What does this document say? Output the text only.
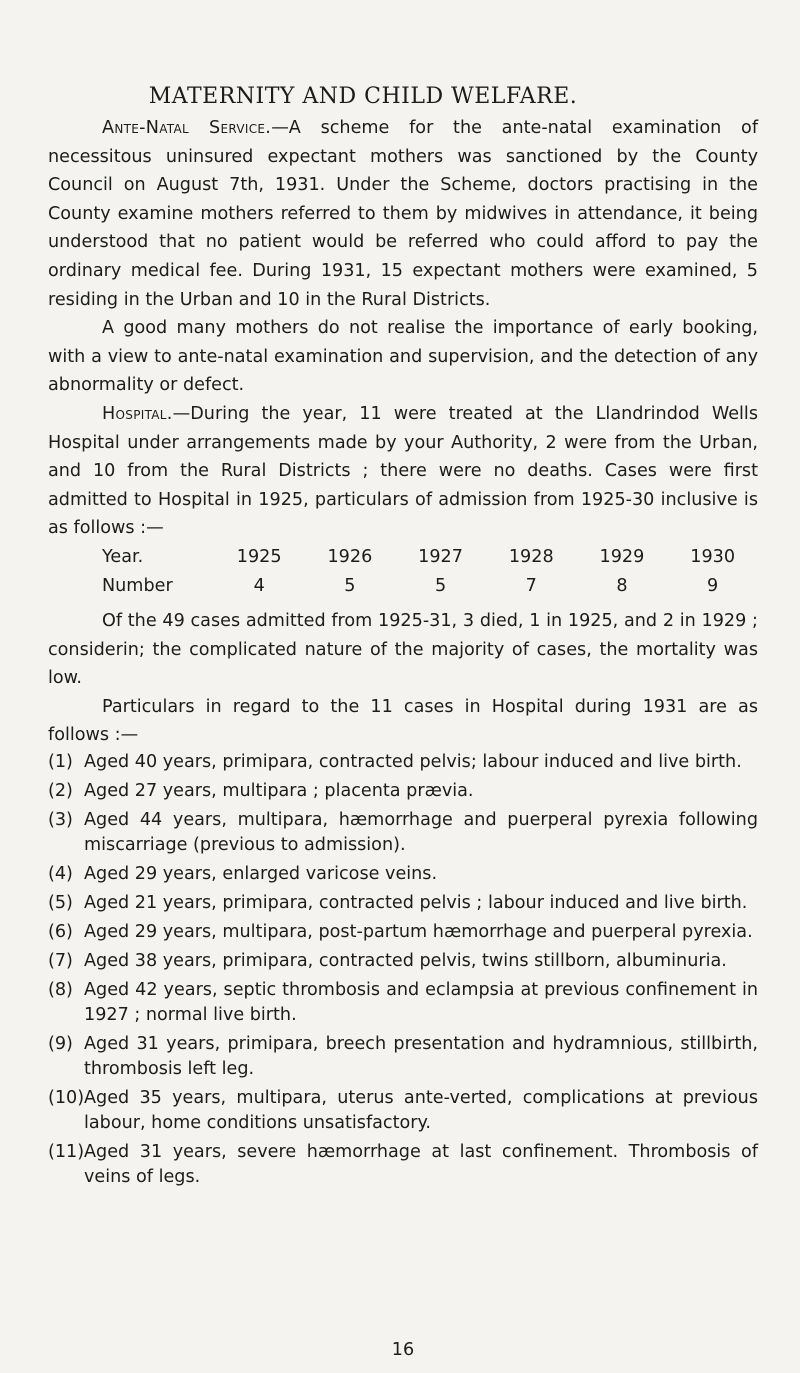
MATERNITY AND CHILD WELFARE.

Ante-Natal Service.—A scheme for the ante-natal examination of necessitous uninsured expectant mothers was sanctioned by the County Council on August 7th, 1931. Under the Scheme, doctors practising in the County examine mothers referred to them by midwives in attendance, it being understood that no patient would be referred who could afford to pay the ordinary medical fee. During 1931, 15 expectant mothers were examined, 5 residing in the Urban and 10 in the Rural Districts.

A good many mothers do not realise the importance of early booking, with a view to ante-natal examination and supervision, and the detection of any abnormality or defect.

Hospital.—During the year, 11 were treated at the Llandrindod Wells Hospital under arrangements made by your Authority, 2 were from the Urban, and 10 from the Rural Districts ; there were no deaths. Cases were first admitted to Hospital in 1925, particulars of admission from 1925-30 inclusive is as follows :—

Year.	1925	1926	1927	1928	1929	1930
Number	4	5	5	7	8	9

Of the 49 cases admitted from 1925-31, 3 died, 1 in 1925, and 2 in 1929 ; considerin; the complicated nature of the majority of cases, the mortality was low.

Particulars in regard to the 11 cases in Hospital during 1931 are as follows :—

(1) Aged 40 years, primipara, contracted pelvis; labour induced and live birth.
(2) Aged 27 years, multipara ; placenta prævia.
(3) Aged 44 years, multipara, hæmorrhage and puerperal pyrexia following miscarriage (previous to admission).
(4) Aged 29 years, enlarged varicose veins.
(5) Aged 21 years, primipara, contracted pelvis ; labour induced and live birth.
(6) Aged 29 years, multipara, post-partum hæmorrhage and puerperal pyrexia.
(7) Aged 38 years, primipara, contracted pelvis, twins stillborn, albuminuria.
(8) Aged 42 years, septic thrombosis and eclampsia at previous confinement in 1927 ; normal live birth.
(9) Aged 31 years, primipara, breech presentation and hydramnious, stillbirth, thrombosis left leg.
(10) Aged 35 years, multipara, uterus ante-verted, complications at previous labour, home conditions unsatisfactory.
(11) Aged 31 years, severe hæmorrhage at last confinement. Thrombosis of veins of legs.
16
